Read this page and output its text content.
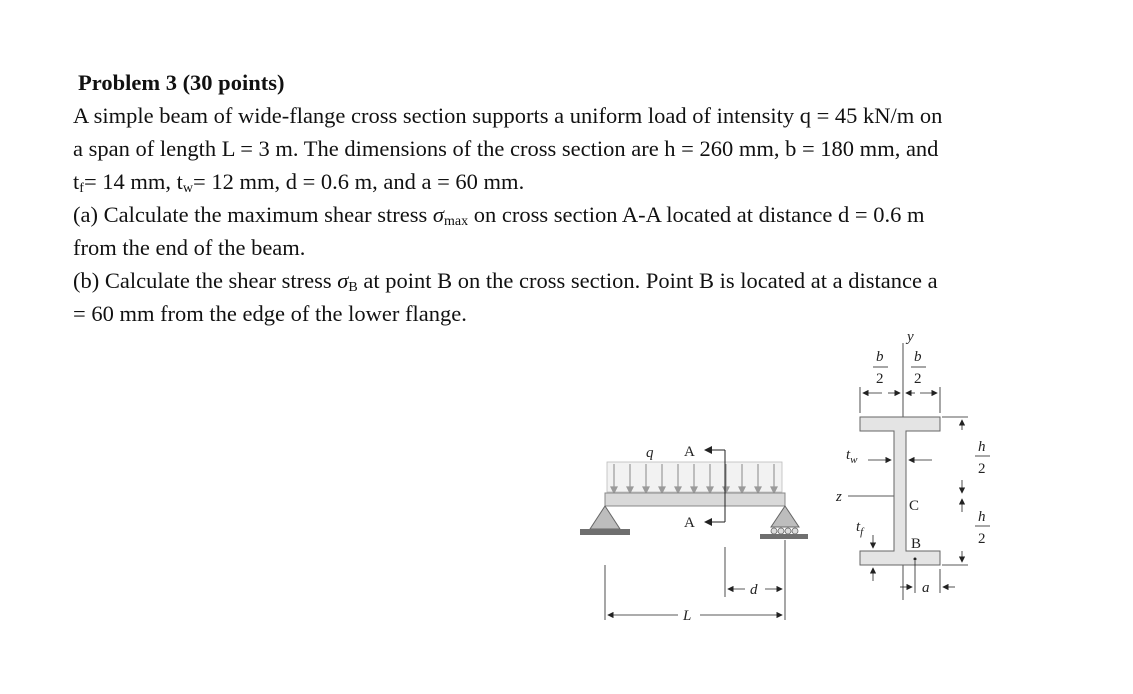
Problem 3 (30 points)
A simple beam of wide-flange cross section supports a uniform load of intensity q = 45 kN/m on
a span of length L = 3 m. The dimensions of the cross section are h = 260 mm, b = 180 mm, and
$t_f= 14$ mm, $t_w= 12$ mm, d = 0.6 m, and a = 60 mm.
(a) Calculate the maximum shear stress $\sigma_{max}$ on cross section A-A located at distance d = 0.6 m
from the end of the beam.
(b) Calculate the shear stress $\sigma_B$ at point B on the cross section. Point B is located at a distance a
= 60 mm from the edge of the lower flange.
A
A
q
d
L
y
z
b
2
b
2
$t_w$
$t_f$
C
B
a
h
2
h
2
